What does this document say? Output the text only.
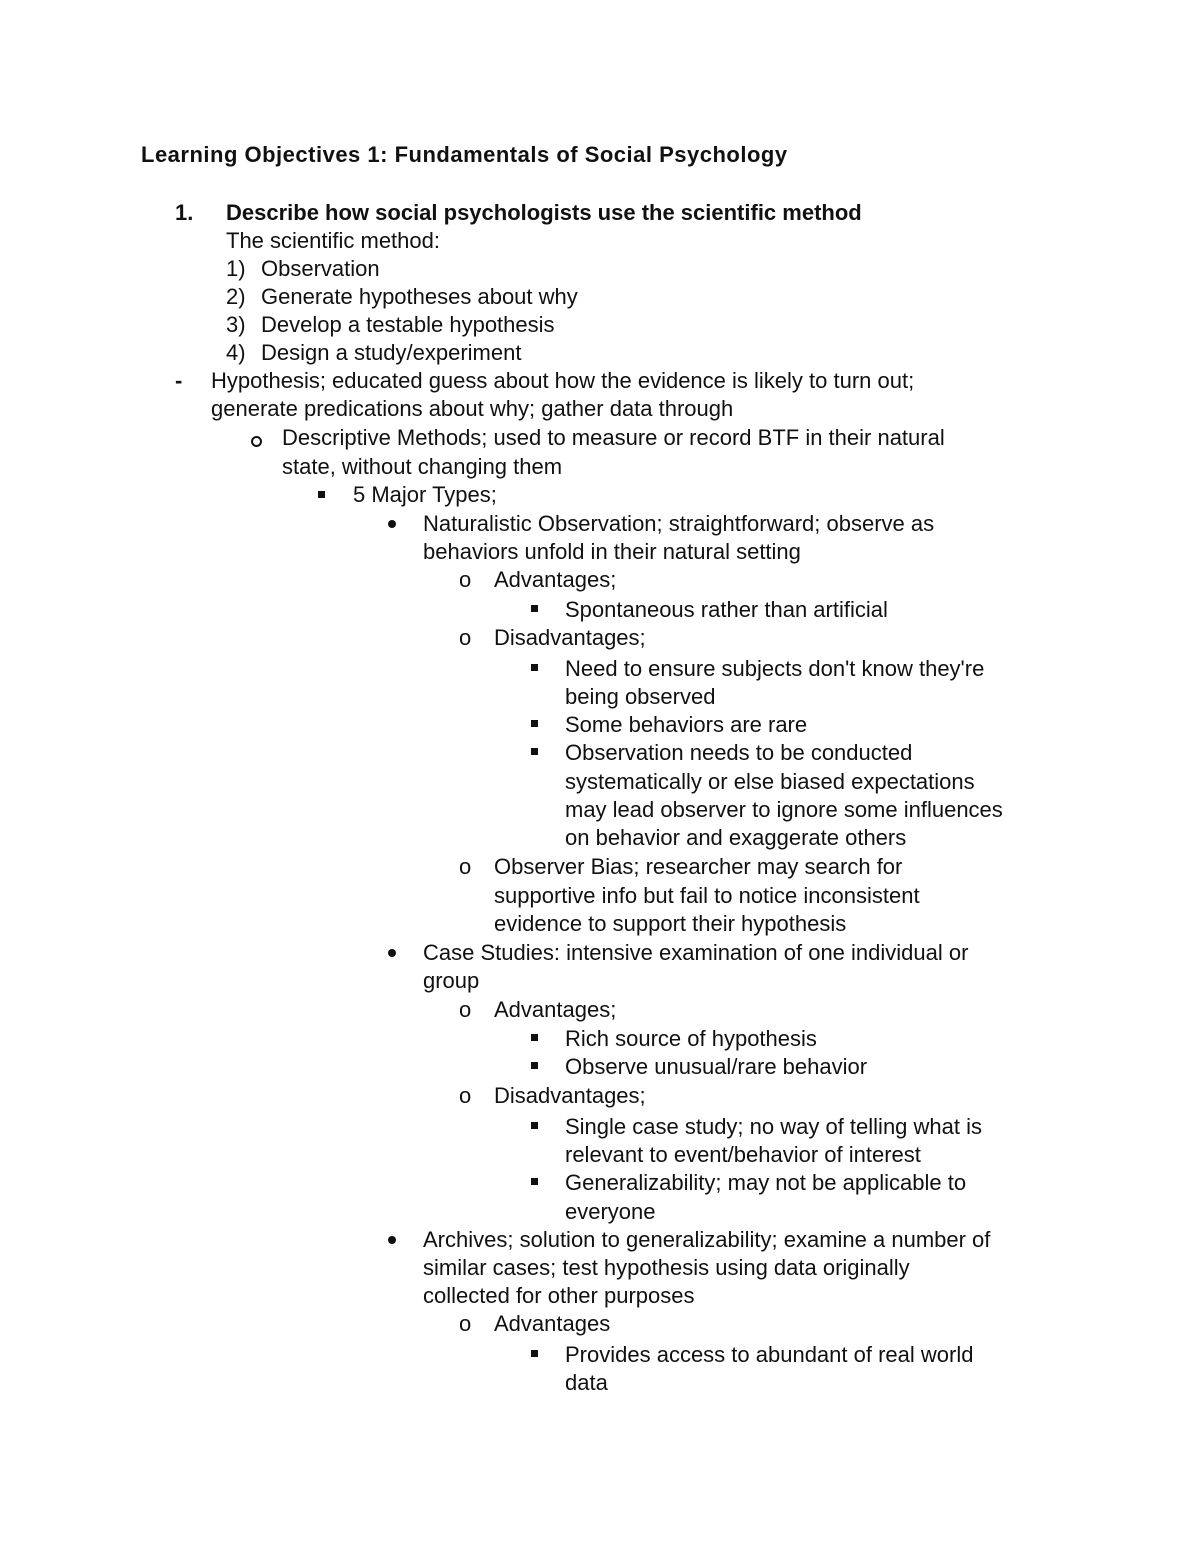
Learning Objectives 1: Fundamentals of Social Psychology
1. Describe how social psychologists use the scientific method
The scientific method:
1) Observation
2) Generate hypotheses about why
3) Develop a testable hypothesis
4) Design a study/experiment
- Hypothesis; educated guess about how the evidence is likely to turn out;
generate predications about why; gather data through
Descriptive Methods; used to measure or record BTF in their natural
state, without changing them
5 Major Types;
Naturalistic Observation; straightforward; observe as
behaviors unfold in their natural setting
o Advantages;
Spontaneous rather than artificial
o Disadvantages;
Need to ensure subjects don't know they're
being observed
Some behaviors are rare
Observation needs to be conducted
systematically or else biased expectations
may lead observer to ignore some influences
on behavior and exaggerate others
o Observer Bias; researcher may search for
supportive info but fail to notice inconsistent
evidence to support their hypothesis
Case Studies: intensive examination of one individual or
group
o Advantages;
Rich source of hypothesis
Observe unusual/rare behavior
o Disadvantages;
Single case study; no way of telling what is
relevant to event/behavior of interest
Generalizability; may not be applicable to
everyone
Archives; solution to generalizability; examine a number of
similar cases; test hypothesis using data originally
collected for other purposes
o Advantages
Provides access to abundant of real world
data
